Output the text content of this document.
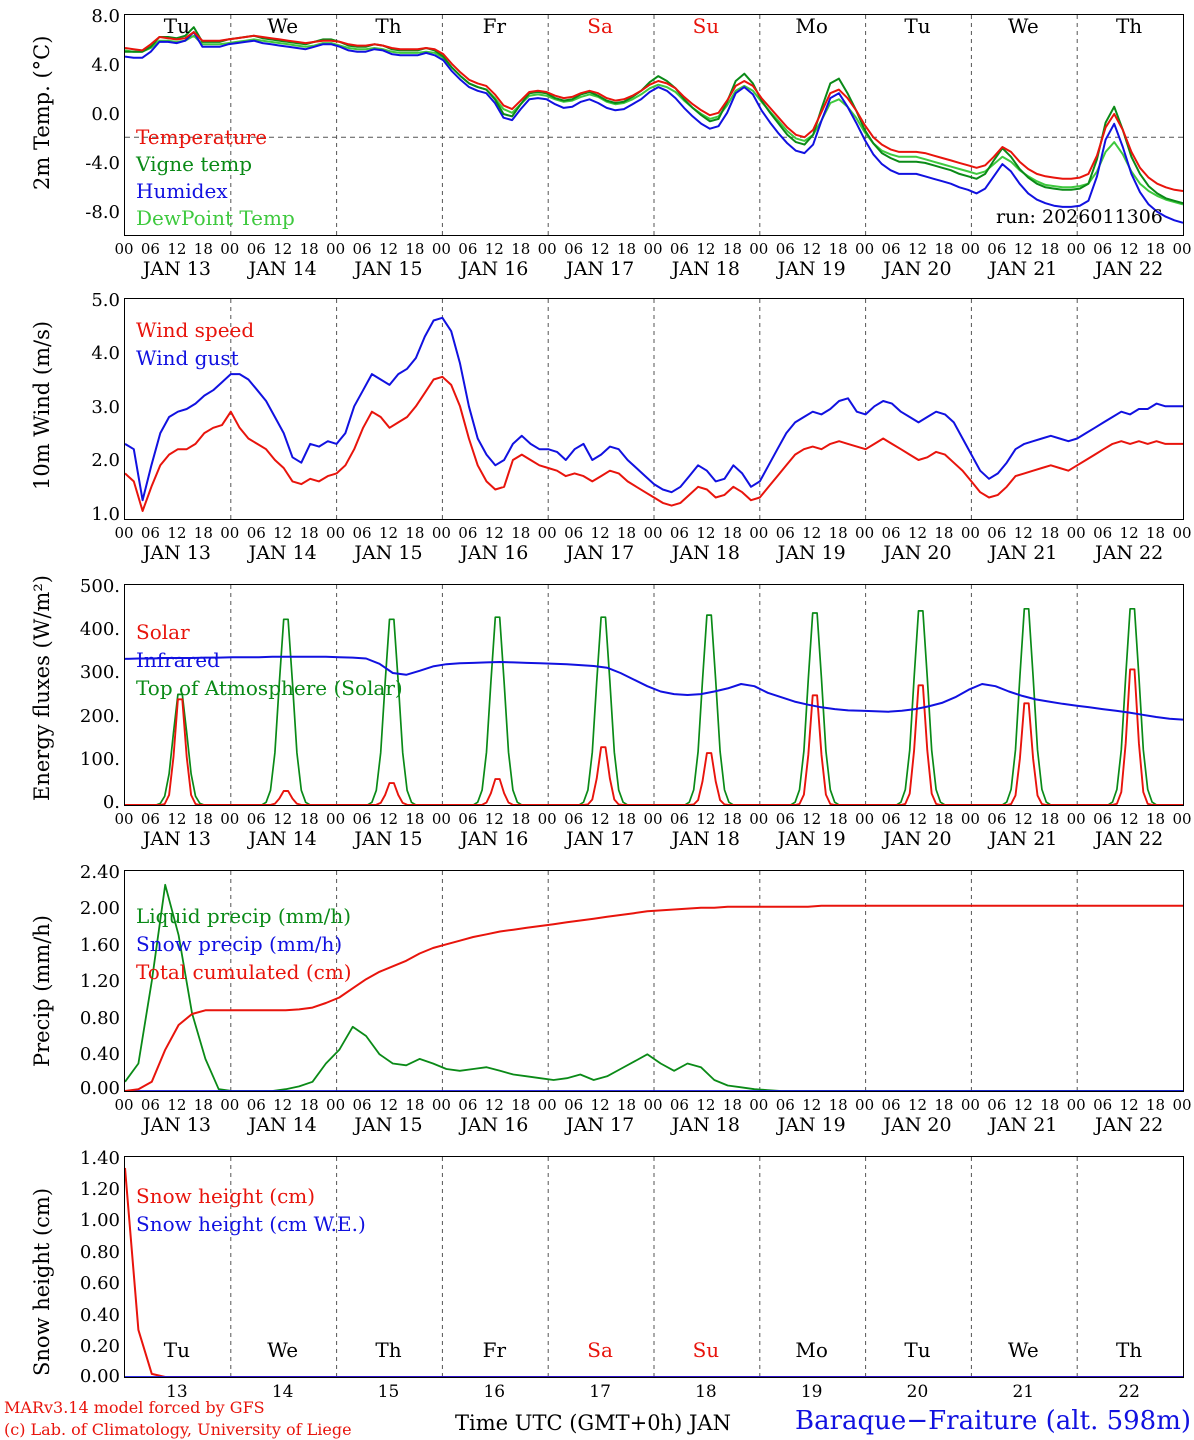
2m Temp. (°C)
8.0
4.0
0.0
-4.0
-8.0
Temperature
Vigne temp
Humidex
DewPoint Temp	run: 2026011306
Tu	We	Th	Fr	Sa	Su	Mo	Tu	We	Th
00 06 12 18 00 06 12 18 00 06 12 18 00 06 12 18 00 06 12 18 00 06 12 18 00 06 12 18 00 06 12 18 00 06 12 18 00 06 12 18 00
JAN 13	JAN 14	JAN 15	JAN 16	JAN 17	JAN 18	JAN 19	JAN 20	JAN 21	JAN 22
10m Wind (m/s)
5.0
4.0
3.0
2.0
1.0
Wind speed
Wind gust
00 06 12 18 00 06 12 18 00 06 12 18 00 06 12 18 00 06 12 18 00 06 12 18 00 06 12 18 00 06 12 18 00 06 12 18 00 06 12 18 00
JAN 13	JAN 14	JAN 15	JAN 16	JAN 17	JAN 18	JAN 19	JAN 20	JAN 21	JAN 22
Energy fluxes (W/m²)	500.
400.
300.
200.
100.
0.
Solar
Infrared
Top of Atmosphere (Solar)
00 06 12 18 00 06 12 18 00 06 12 18 00 06 12 18 00 06 12 18 00 06 12 18 00 06 12 18 00 06 12 18 00 06 12 18 00 06 12 18 00
JAN 13	JAN 14	JAN 15	JAN 16	JAN 17	JAN 18	JAN 19	JAN 20	JAN 21	JAN 22
Precip (mm/h)
2.40
2.00
1.60
1.20
0.80
0.40
0.00
Liquid precip (mm/h)
Snow precip (mm/h)
Total cumulated (cm)
00 06 12 18 00 06 12 18 00 06 12 18 00 06 12 18 00 06 12 18 00 06 12 18 00 06 12 18 00 06 12 18 00 06 12 18 00 06 12 18 00
JAN 13	JAN 14	JAN 15	JAN 16	JAN 17	JAN 18	JAN 19	JAN 20	JAN 21	JAN 22
Snow height (cm)
1.40
1.20
1.00
0.80
0.60
0.40
0.20
0.00
Snow height (cm)
Snow height (cm W.E.)
Tu	We	Th	Fr	Sa	Su	Mo	Tu	We	Th
13	14	15	16	17	18	19	20	21	22
MARv3.14 model forced by GFS
(c) Lab. of Climatology, University of Liege	Time UTC (GMT+0h) JAN Baraque−Fraiture (alt. 598m)
